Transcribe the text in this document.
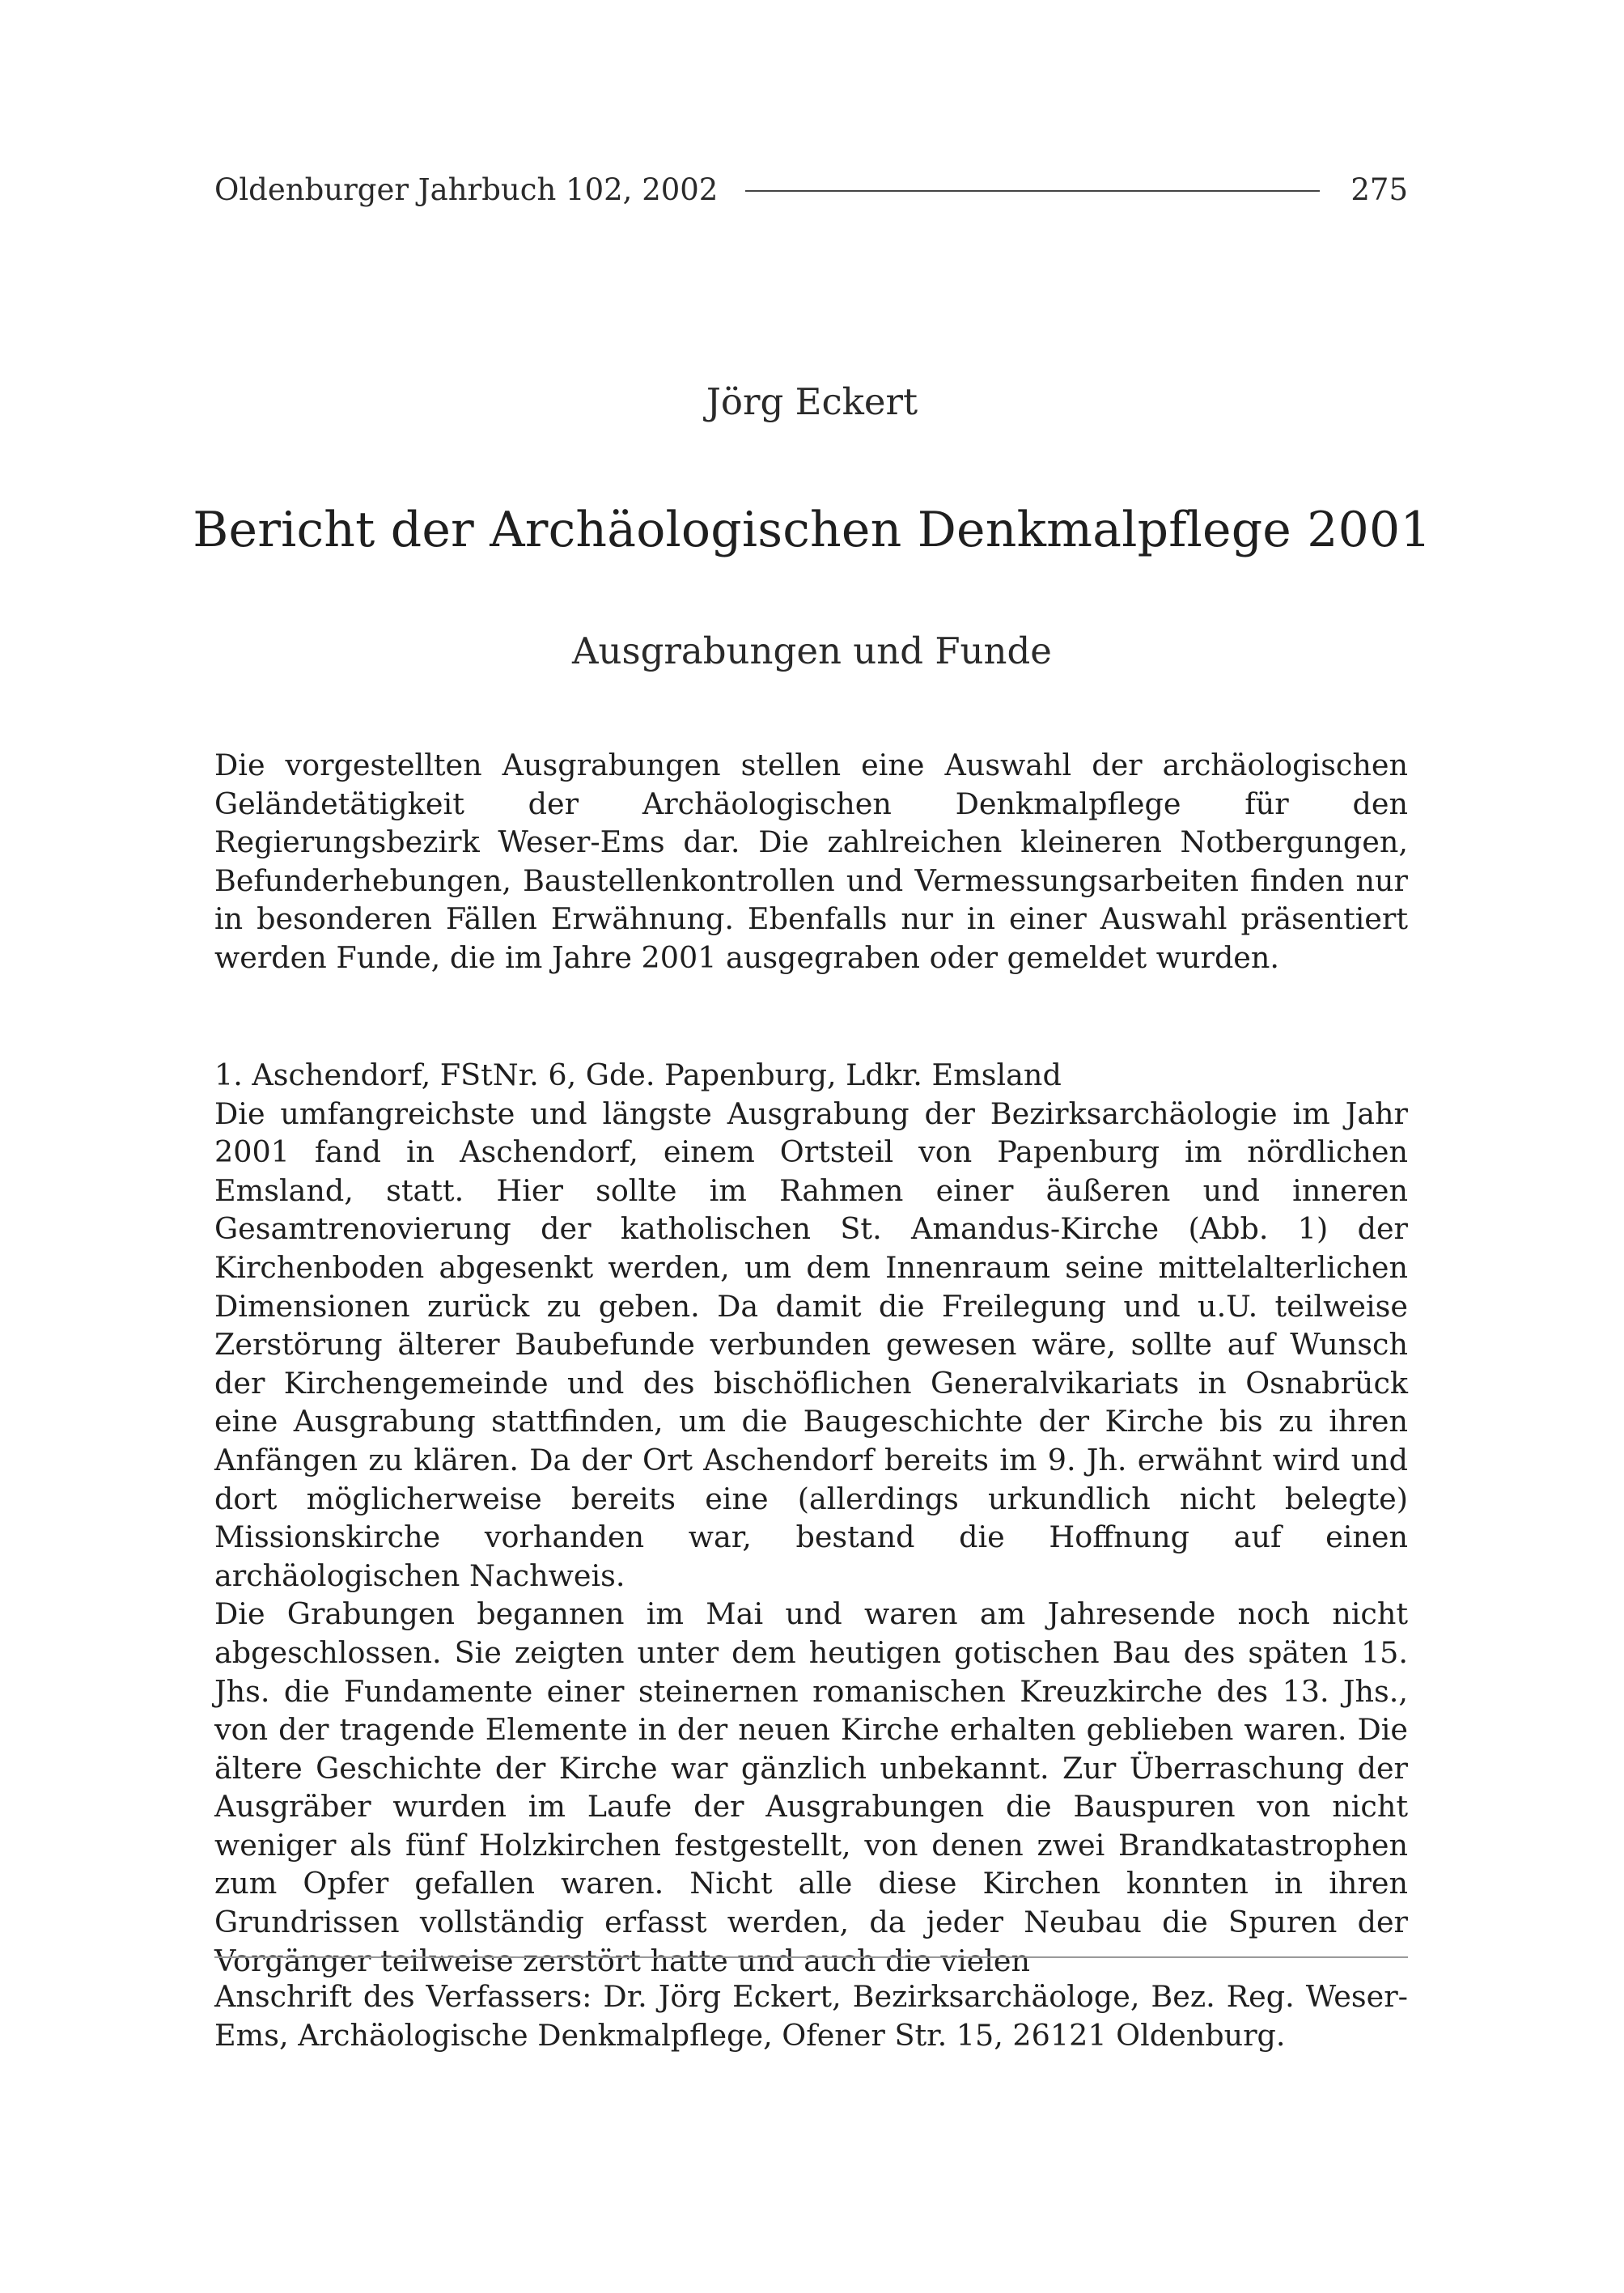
Oldenburger Jahrbuch 102, 2002	275
Jörg Eckert
Bericht der Archäologischen Denkmalpflege 2001
Ausgrabungen und Funde
Die vorgestellten Ausgrabungen stellen eine Auswahl der archäologischen Geländetätigkeit der Archäologischen Denkmalpflege für den Regierungsbezirk Weser-Ems dar. Die zahlreichen kleineren Notbergungen, Befunderhebungen, Baustellenkontrollen und Vermessungsarbeiten finden nur in besonderen Fällen Erwähnung. Ebenfalls nur in einer Auswahl präsentiert werden Funde, die im Jahre 2001 ausgegraben oder gemeldet wurden.
1. Aschendorf, FStNr. 6, Gde. Papenburg, Ldkr. Emsland

Die umfangreichste und längste Ausgrabung der Bezirksarchäologie im Jahr 2001 fand in Aschendorf, einem Ortsteil von Papenburg im nördlichen Emsland, statt. Hier sollte im Rahmen einer äußeren und inneren Gesamtrenovierung der katholischen St. Amandus-Kirche (Abb. 1) der Kirchenboden abgesenkt werden, um dem Innenraum seine mittelalterlichen Dimensionen zurück zu geben. Da damit die Freilegung und u.U. teilweise Zerstörung älterer Baubefunde verbunden gewesen wäre, sollte auf Wunsch der Kirchengemeinde und des bischöflichen Generalvikariats in Osnabrück eine Ausgrabung stattfinden, um die Baugeschichte der Kirche bis zu ihren Anfängen zu klären. Da der Ort Aschendorf bereits im 9. Jh. erwähnt wird und dort möglicherweise bereits eine (allerdings urkundlich nicht belegte) Missionskirche vorhanden war, bestand die Hoffnung auf einen archäologischen Nachweis.

Die Grabungen begannen im Mai und waren am Jahresende noch nicht abgeschlossen. Sie zeigten unter dem heutigen gotischen Bau des späten 15. Jhs. die Fundamente einer steinernen romanischen Kreuzkirche des 13. Jhs., von der tragende Elemente in der neuen Kirche erhalten geblieben waren. Die ältere Geschichte der Kirche war gänzlich unbekannt. Zur Überraschung der Ausgräber wurden im Laufe der Ausgrabungen die Bauspuren von nicht weniger als fünf Holzkirchen festgestellt, von denen zwei Brandkatastrophen zum Opfer gefallen waren. Nicht alle diese Kirchen konnten in ihren Grundrissen vollständig erfasst werden, da jeder Neubau die Spuren der Vorgänger teilweise zerstört hatte und auch die vielen

Anschrift des Verfassers: Dr. Jörg Eckert, Bezirksarchäologe, Bez. Reg. Weser-Ems, Archäologische Denkmalpflege, Ofener Str. 15, 26121 Oldenburg.
